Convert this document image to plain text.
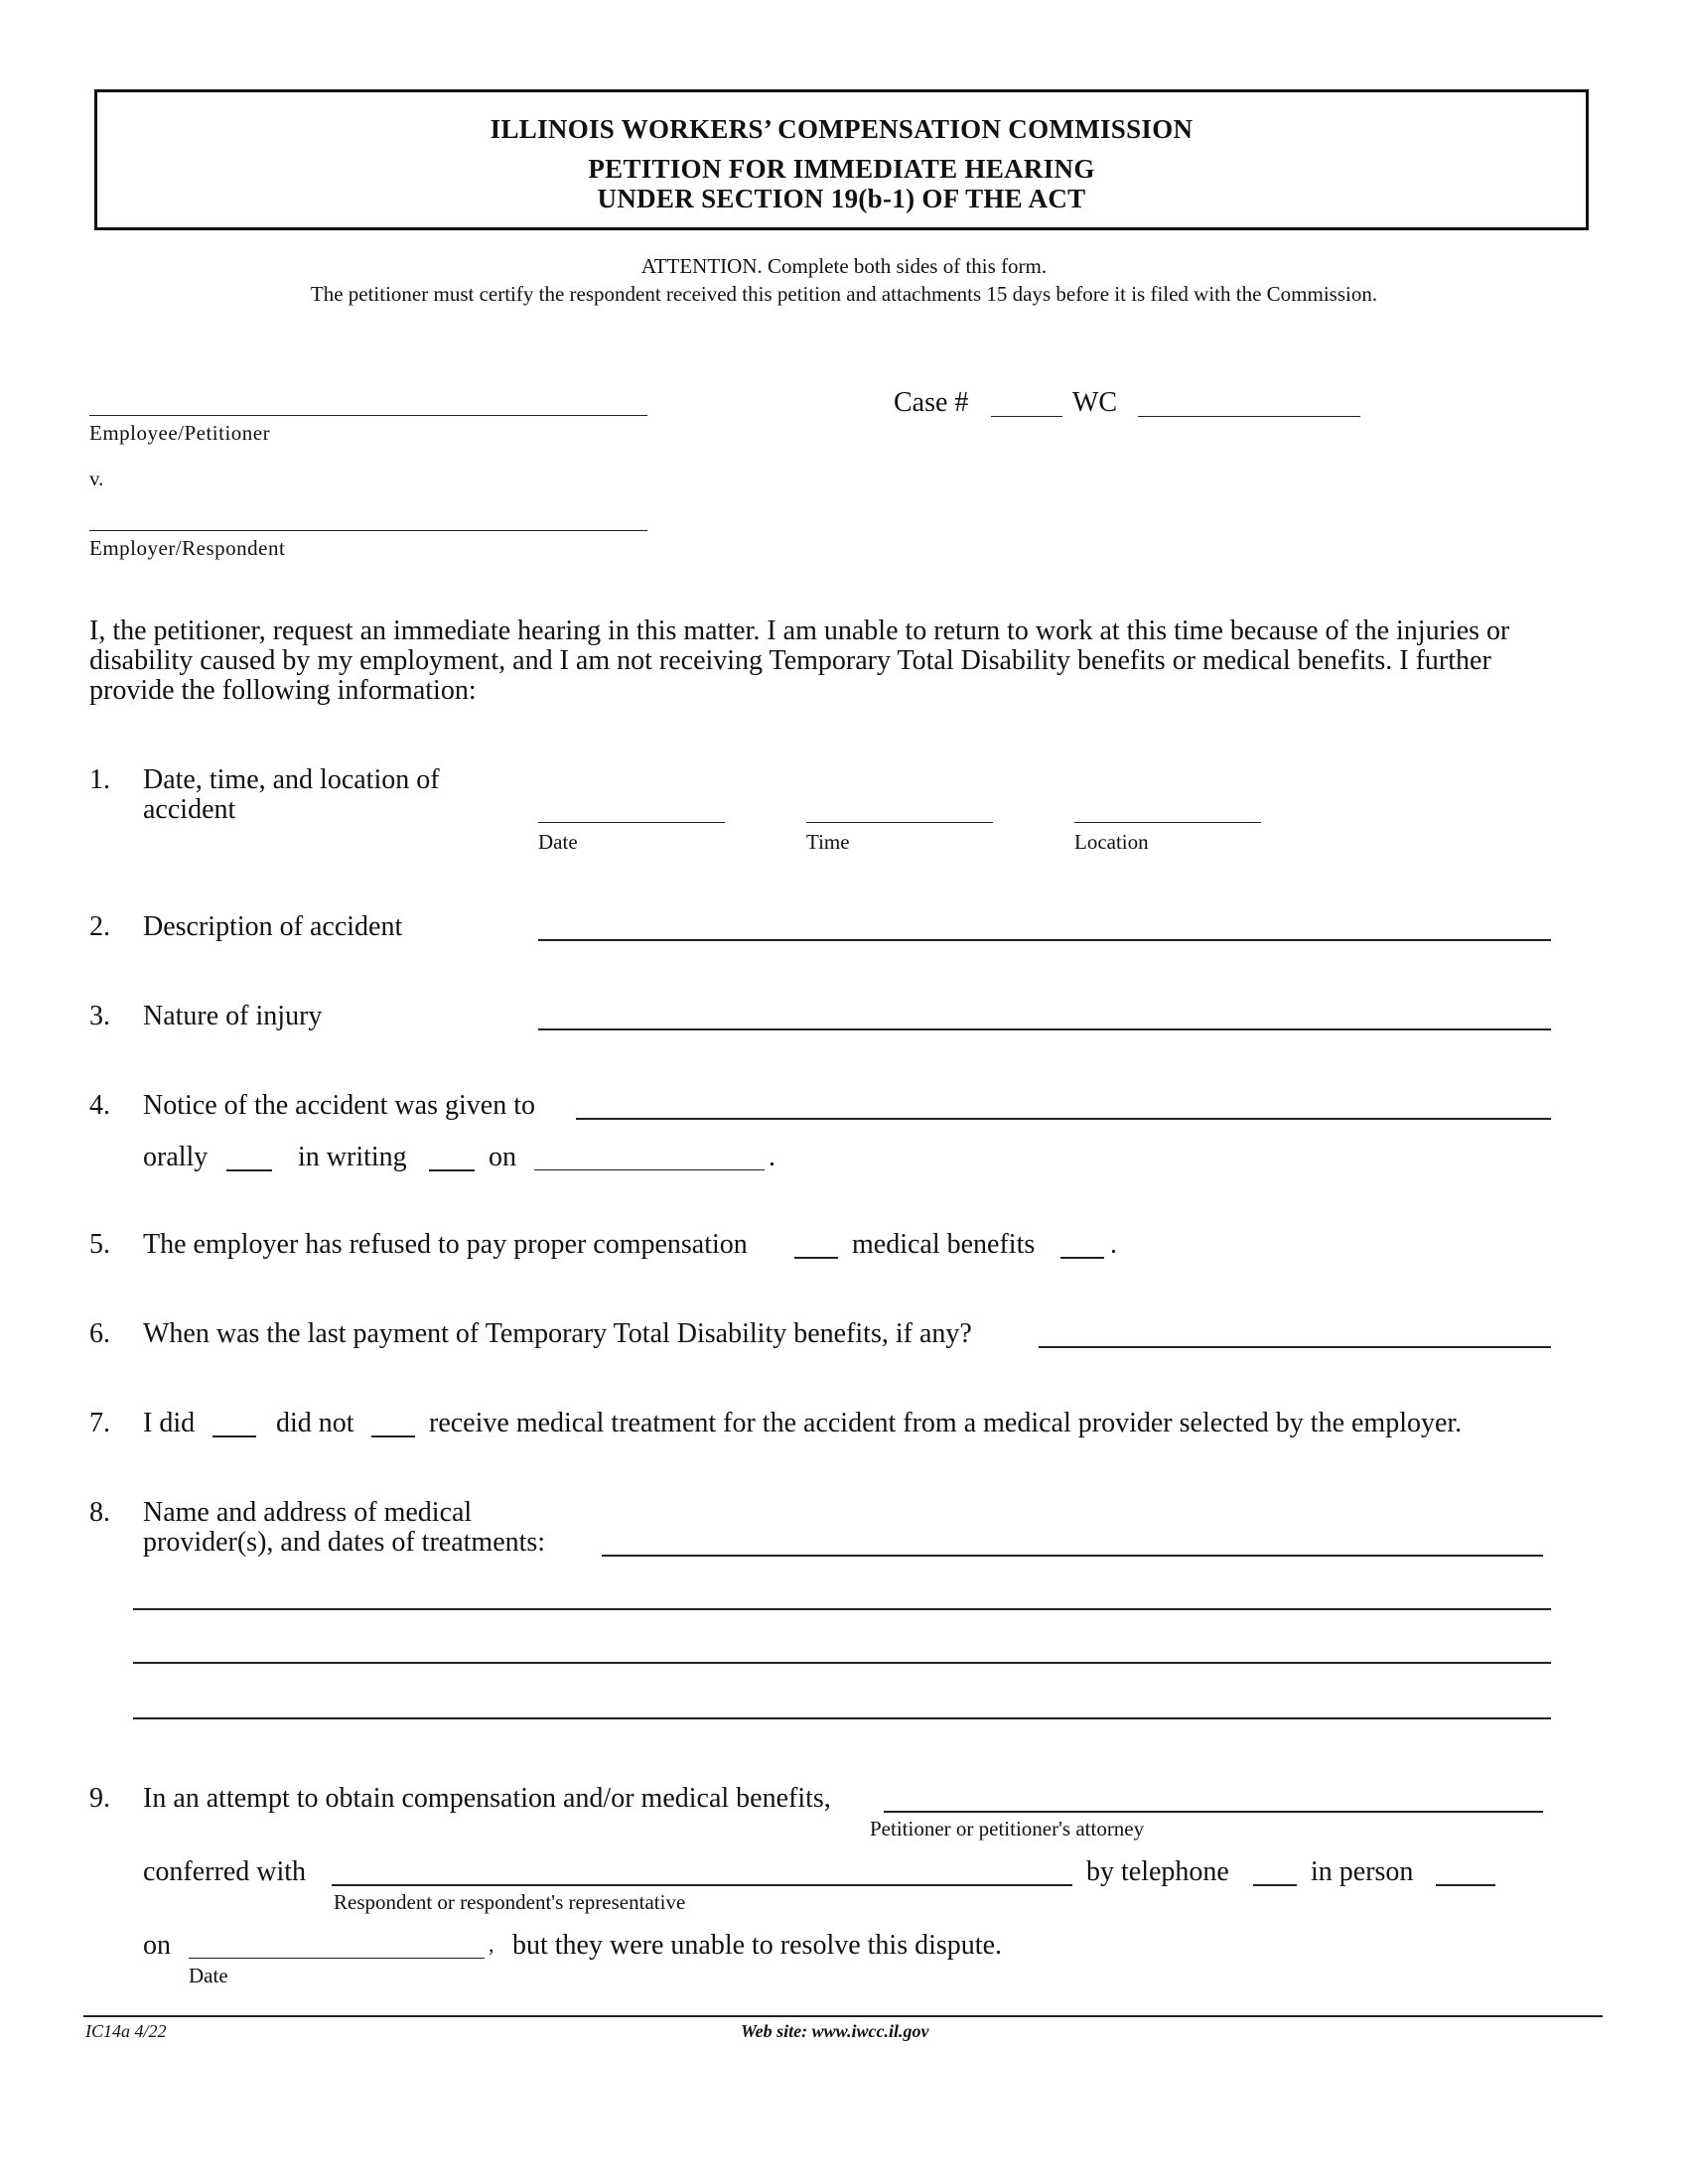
ILLINOIS WORKERS’ COMPENSATION COMMISSION
PETITION FOR IMMEDIATE HEARING
UNDER SECTION 19(b-1) OF THE ACT
ATTENTION. Complete both sides of this form.
The petitioner must certify the respondent received this petition and attachments 15 days before it is filed with the Commission.
Employee/Petitioner
v.
Employer/Respondent
Case #	WC
I, the petitioner, request an immediate hearing in this matter. I am unable to return to work at this time because of the injuries or
disability caused by my employment, and I am not receiving Temporary Total Disability benefits or medical benefits. I further
provide the following information:
1. Date, time, and location of
accident
Date	Time	Location
2. Description of accident
3. Nature of injury
4. Notice of the accident was given to
orally	in writing	on	.
5. The employer has refused to pay proper compensation	medical benefits	.
6. When was the last payment of Temporary Total Disability benefits, if any?
7. I did	did not	receive medical treatment for the accident from a medical provider selected by the employer.
8. Name and address of medical
provider(s), and dates of treatments:
9. In an attempt to obtain compensation and/or medical benefits,
Petitioner or petitioner's attorney
conferred with
Respondent or respondent's representative
by telephone	in person
on	, but they were unable to resolve this dispute.
Date
IC14a 4/22	Web site: www.iwcc.il.gov
